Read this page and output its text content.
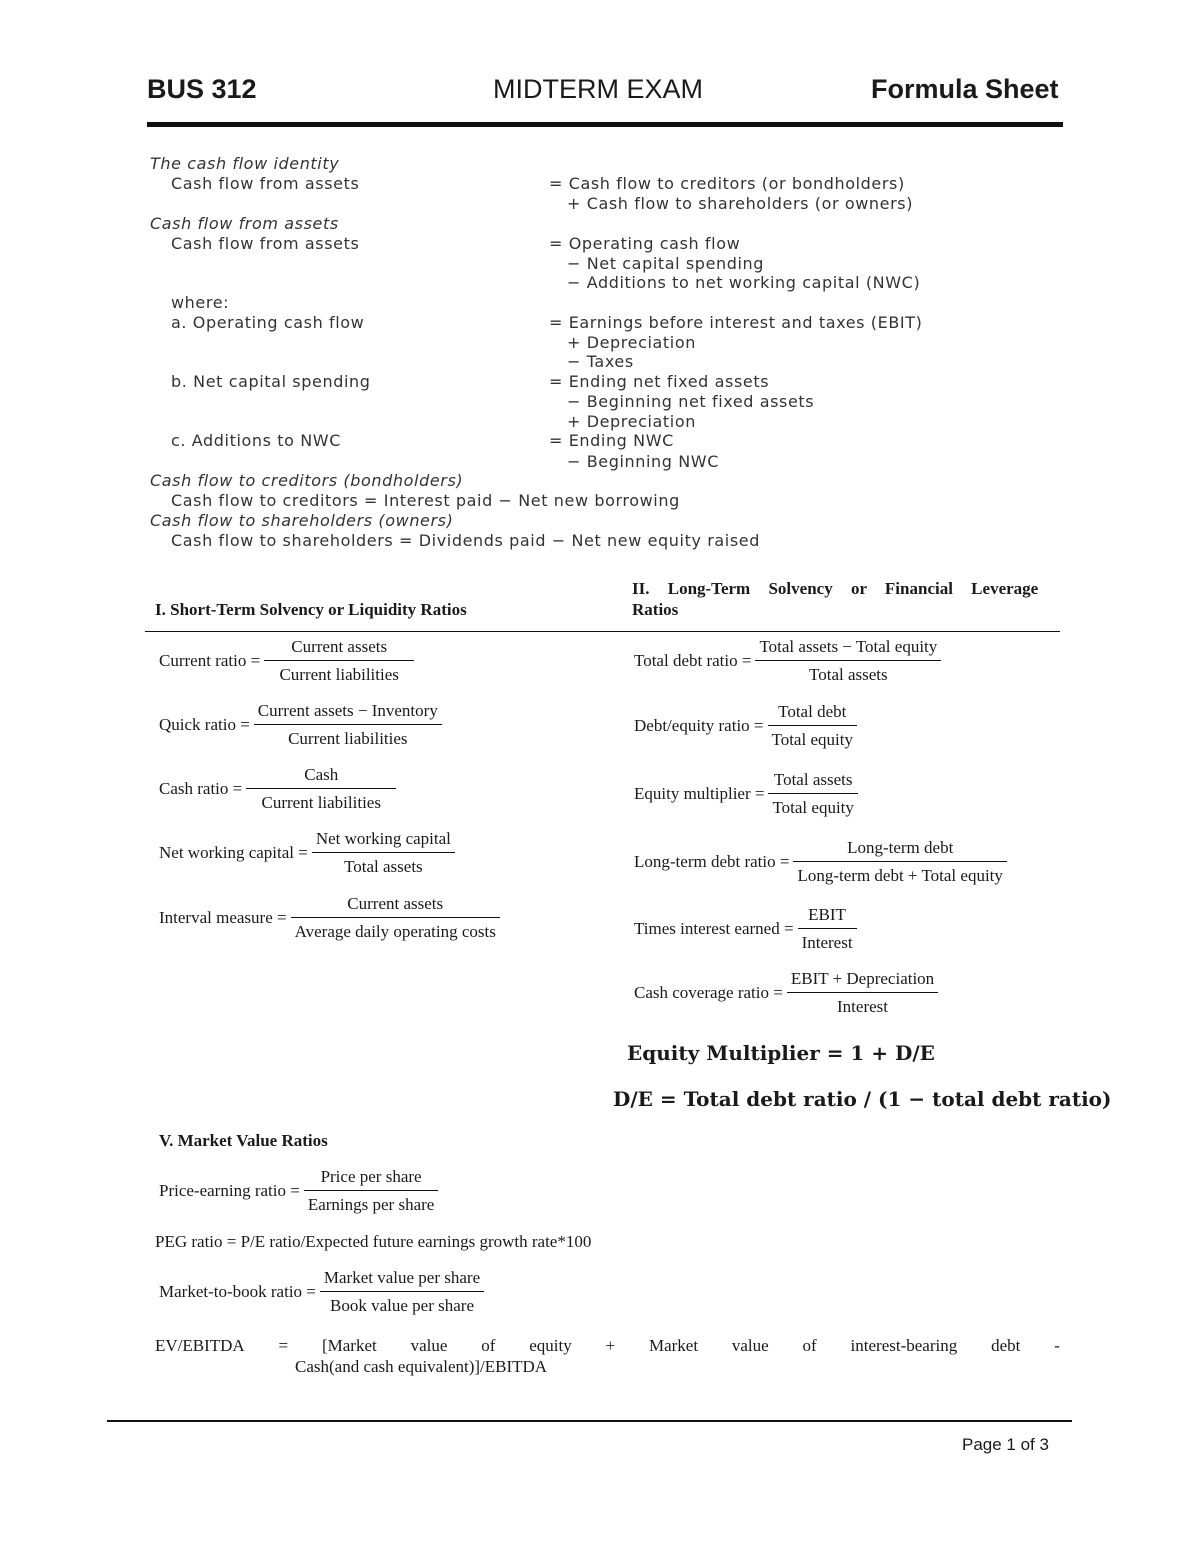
BUS 312	MIDTERM EXAM	Formula Sheet
The cash flow identity
Cash flow from assets	= Cash flow to creditors (or bondholders)
+ Cash flow to shareholders (or owners)
Cash flow from assets
Cash flow from assets	= Operating cash flow
− Net capital spending
− Additions to net working capital (NWC)
where:
a. Operating cash flow	= Earnings before interest and taxes (EBIT)
+ Depreciation
− Taxes
b. Net capital spending	= Ending net fixed assets
− Beginning net fixed assets
+ Depreciation
c. Additions to NWC	= Ending NWC
− Beginning NWC
Cash flow to creditors (bondholders)
Cash flow to creditors = Interest paid − Net new borrowing
Cash flow to shareholders (owners)
Cash flow to shareholders = Dividends paid − Net new equity raised
I. Short-Term Solvency or Liquidity Ratios
II. Long-Term Solvency or Financial Leverage
Ratios
Current ratio = $\frac{\text{Current assets}}{\text{Current liabilities}}$
Quick ratio = $\frac{\text{Current assets − Inventory}}{\text{Current liabilities}}$
Cash ratio = $\frac{\text{Cash}}{\text{Current liabilities}}$
Net working capital = $\frac{\text{Net working capital}}{\text{Total assets}}$
Interval measure = $\frac{\text{Current assets}}{\text{Average daily operating costs}}$
Total debt ratio = $\frac{\text{Total assets − Total equity}}{\text{Total assets}}$
Debt/equity ratio = $\frac{\text{Total debt}}{\text{Total equity}}$
Equity multiplier = $\frac{\text{Total assets}}{\text{Total equity}}$
Long-term debt ratio = $\frac{\text{Long-term debt}}{\text{Long-term debt + Total equity}}$
Times interest earned = $\frac{\text{EBIT}}{\text{Interest}}$
Cash coverage ratio = $\frac{\text{EBIT + Depreciation}}{\text{Interest}}$
Equity Multiplier = 1 + D/E
D/E = Total debt ratio / (1 − total debt ratio)
V. Market Value Ratios
Price-earning ratio = $\frac{\text{Price per share}}{\text{Earnings per share}}$
PEG ratio = P/E ratio/Expected future earnings growth rate*100
Market-to-book ratio = $\frac{\text{Market value per share}}{\text{Book value per share}}$
EV/EBITDA = [Market value of equity + Market value of interest-bearing debt -
Cash(and cash equivalent)]/EBITDA
Page 1 of 3
